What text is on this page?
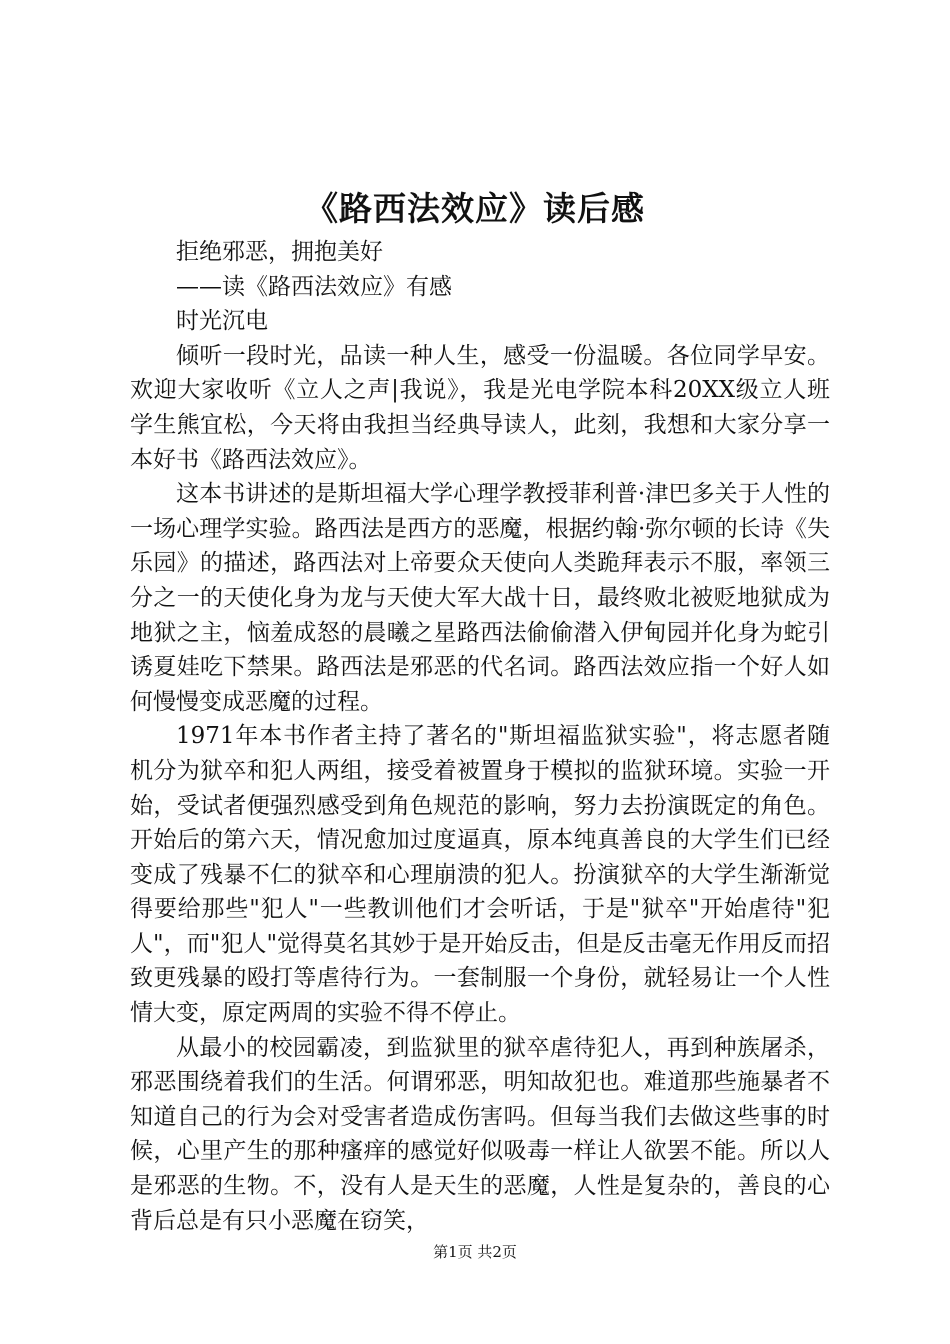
《路西法效应》读后感

拒绝邪恶，拥抱美好

——读《路西法效应》有感

时光沉电

倾听一段时光，品读一种人生，感受一份温暖。各位同学早安。欢迎大家收听《立人之声|我说》，我是光电学院本科20XX级立人班学生熊宜松，今天将由我担当经典导读人，此刻，我想和大家分享一本好书《路西法效应》。

这本书讲述的是斯坦福大学心理学教授菲利普·津巴多关于人性的一场心理学实验。路西法是西方的恶魔，根据约翰·弥尔顿的长诗《失乐园》的描述，路西法对上帝要众天使向人类跪拜表示不服，率领三分之一的天使化身为龙与天使大军大战十日，最终败北被贬地狱成为地狱之主，恼羞成怒的晨曦之星路西法偷偷潜入伊甸园并化身为蛇引诱夏娃吃下禁果。路西法是邪恶的代名词。路西法效应指一个好人如何慢慢变成恶魔的过程。

1971年本书作者主持了著名的"斯坦福监狱实验"，将志愿者随机分为狱卒和犯人两组，接受着被置身于模拟的监狱环境。实验一开始，受试者便强烈感受到角色规范的影响，努力去扮演既定的角色。开始后的第六天，情况愈加过度逼真，原本纯真善良的大学生们已经变成了残暴不仁的狱卒和心理崩溃的犯人。扮演狱卒的大学生渐渐觉得要给那些"犯人"一些教训他们才会听话，于是"狱卒"开始虐待"犯人"，而"犯人"觉得莫名其妙于是开始反击，但是反击毫无作用反而招致更残暴的殴打等虐待行为。一套制服一个身份，就轻易让一个人性情大变，原定两周的实验不得不停止。

从最小的校园霸凌，到监狱里的狱卒虐待犯人，再到种族屠杀，邪恶围绕着我们的生活。何谓邪恶，明知故犯也。难道那些施暴者不知道自己的行为会对受害者造成伤害吗。但每当我们去做这些事的时候，心里产生的那种瘙痒的感觉好似吸毒一样让人欲罢不能。所以人是邪恶的生物。不，没有人是天生的恶魔，人性是复杂的，善良的心背后总是有只小恶魔在窃笑，

第1页 共2页
